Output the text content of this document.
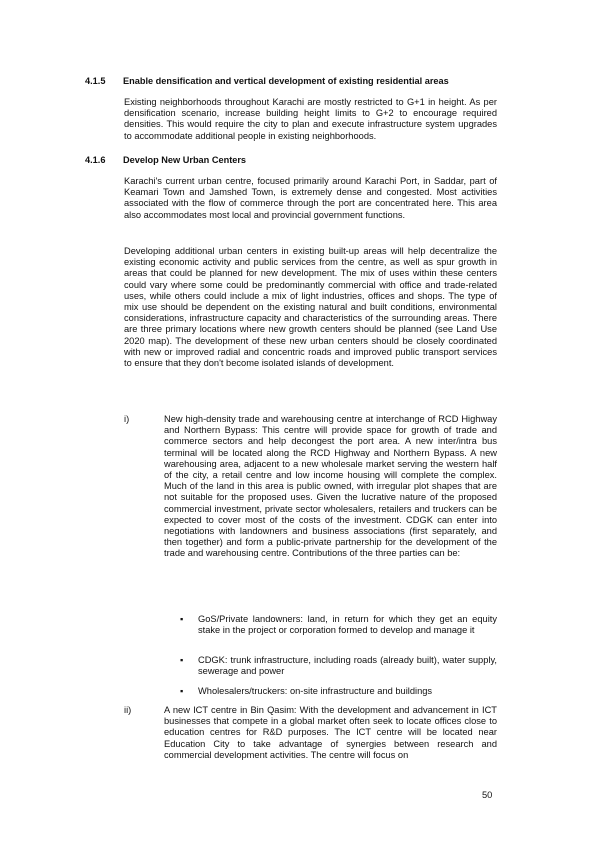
4.1.5 Enable densification and vertical development of existing residential areas

Existing neighborhoods throughout Karachi are mostly restricted to G+1 in height. As per densification scenario, increase building height limits to G+2 to encourage required densities. This would require the city to plan and execute infrastructure system upgrades to accommodate additional people in existing neighborhoods.

4.1.6 Develop New Urban Centers

Karachi's current urban centre, focused primarily around Karachi Port, in Saddar, part of Keamari Town and Jamshed Town, is extremely dense and congested. Most activities associated with the flow of commerce through the port are concentrated here. This area also accommodates most local and provincial government functions.

Developing additional urban centers in existing built-up areas will help decentralize the existing economic activity and public services from the centre, as well as spur growth in areas that could be planned for new development. The mix of uses within these centers could vary where some could be predominantly commercial with office and trade-related uses, while others could include a mix of light industries, offices and shops. The type of mix use should be dependent on the existing natural and built conditions, environmental considerations, infrastructure capacity and characteristics of the surrounding areas. There are three primary locations where new growth centers should be planned (see Land Use 2020 map). The development of these new urban centers should be closely coordinated with new or improved radial and concentric roads and improved public transport services to ensure that they don't become isolated islands of development.

i)	New high-density trade and warehousing centre at interchange of RCD Highway and Northern Bypass: This centre will provide space for growth of trade and commerce sectors and help decongest the port area. A new inter/intra bus terminal will be located along the RCD Highway and Northern Bypass. A new warehousing area, adjacent to a new wholesale market serving the western half of the city, a retail centre and low income housing will complete the complex. Much of the land in this area is public owned, with irregular plot shapes that are not suitable for the proposed uses. Given the lucrative nature of the proposed commercial investment, private sector wholesalers, retailers and truckers can be expected to cover most of the costs of the investment. CDGK can enter into negotiations with landowners and business associations (first separately, and then together) and form a public-private partnership for the development of the trade and warehousing centre. Contributions of the three parties can be:
▪	GoS/Private landowners: land, in return for which they get an equity stake in the project or corporation formed to develop and manage it
▪	CDGK: trunk infrastructure, including roads (already built), water supply, sewerage and power
▪	Wholesalers/truckers: on-site infrastructure and buildings
ii)	A new ICT centre in Bin Qasim: With the development and advancement in ICT businesses that compete in a global market often seek to locate offices close to education centres for R&D purposes. The ICT centre will be located near Education City to take advantage of synergies between research and commercial development activities. The centre will focus on
50
